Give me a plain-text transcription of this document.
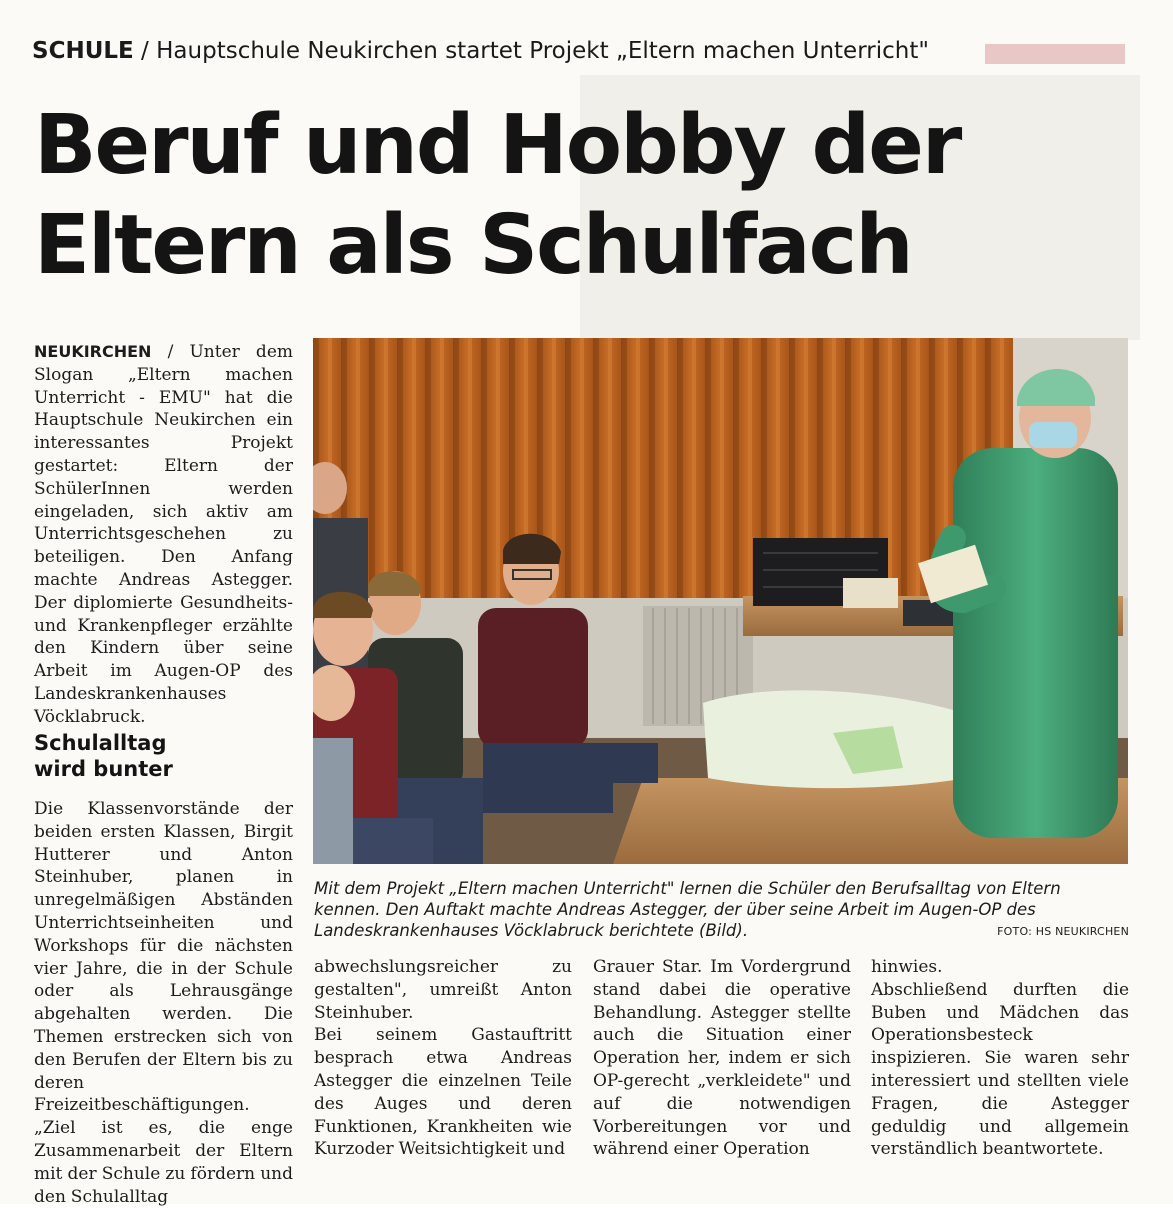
SCHULE / Hauptschule Neukirchen startet Projekt „Eltern machen Unterricht"
Beruf und Hobby der
Eltern als Schulfach
NEUKIRCHEN / Unter dem Slogan „Eltern machen Unterricht - EMU" hat die Hauptschule Neukirchen ein interessantes Projekt gestartet: Eltern der SchülerInnen werden eingeladen, sich aktiv am Unterrichtsgeschehen zu beteiligen. Den Anfang machte Andreas Astegger. Der diplomierte Gesundheits- und Krankenpfleger erzählte den Kindern über seine Arbeit im Augen-OP des Landeskrankenhauses Vöcklabruck.
Schulalltag
wird bunter
Die Klassenvorstände der beiden ersten Klassen, Birgit Hutterer und Anton Steinhuber, planen in unregelmäßigen Abständen Unterrichtseinheiten und Workshops für die nächsten vier Jahre, die in der Schule oder als Lehrausgänge abgehalten werden. Die Themen erstrecken sich von den Berufen der Eltern bis zu deren Freizeitbeschäftigungen. „Ziel ist es, die enge Zusammenarbeit der Eltern mit der Schule zu fördern und den Schulalltag
abwechslungsreicher zu gestalten", umreißt Anton Steinhuber.
Bei seinem Gastauftritt besprach etwa Andreas Astegger die einzelnen Teile des Auges und deren Funktionen, Krankheiten wie Kurzoder Weitsichtigkeit und
Grauer Star. Im Vordergrund stand dabei die operative Behandlung. Astegger stellte auch die Situation einer Operation her, indem er sich OP-gerecht „verkleidete" und auf die notwendigen Vorbereitungen vor und während einer Operation
hinwies.
Abschließend durften die Buben und Mädchen das Operationsbesteck inspizieren. Sie waren sehr interessiert und stellten viele Fragen, die Astegger geduldig und allgemein verständlich beantwortete.
Mit dem Projekt „Eltern machen Unterricht" lernen die Schüler den Berufsalltag von Eltern kennen. Den Auftakt machte Andreas Astegger, der über seine Arbeit im Augen-OP des Landeskrankenhauses Vöcklabruck berichtete (Bild).	FOTO: HS NEUKIRCHEN
